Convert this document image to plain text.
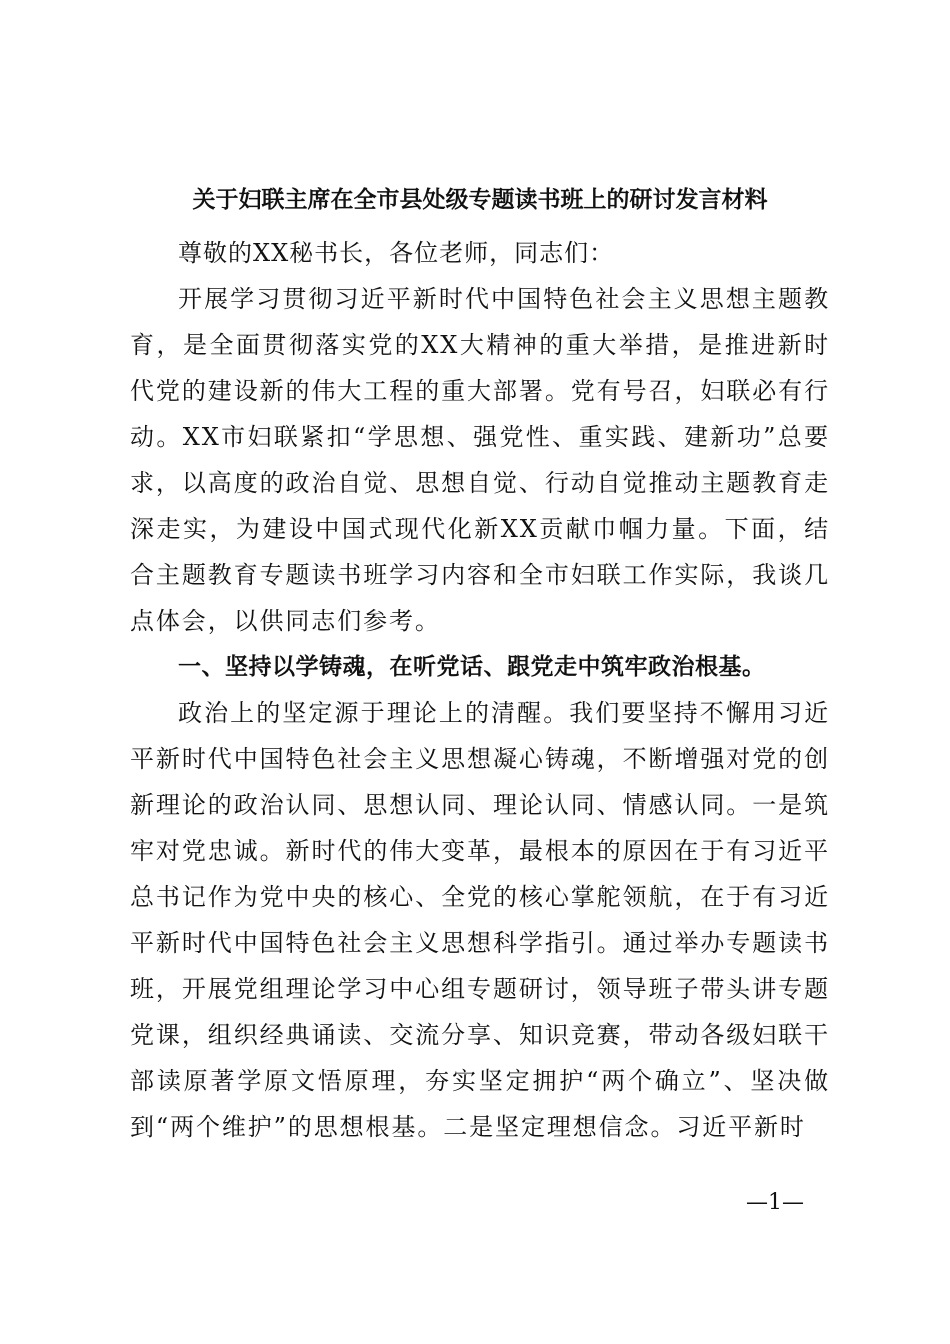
关于妇联主席在全市县处级专题读书班上的研讨发言材料

尊敬的XX秘书长，各位老师，同志们：

开展学习贯彻习近平新时代中国特色社会主义思想主题教育，是全面贯彻落实党的XX大精神的重大举措，是推进新时代党的建设新的伟大工程的重大部署。党有号召，妇联必有行动。XX市妇联紧扣“学思想、强党性、重实践、建新功”总要求，以高度的政治自觉、思想自觉、行动自觉推动主题教育走深走实，为建设中国式现代化新XX贡献巾帼力量。下面，结合主题教育专题读书班学习内容和全市妇联工作实际，我谈几点体会，以供同志们参考。

一、坚持以学铸魂，在听党话、跟党走中筑牢政治根基。

政治上的坚定源于理论上的清醒。我们要坚持不懈用习近平新时代中国特色社会主义思想凝心铸魂，不断增强对党的创新理论的政治认同、思想认同、理论认同、情感认同。一是筑牢对党忠诚。新时代的伟大变革，最根本的原因在于有习近平总书记作为党中央的核心、全党的核心掌舵领航，在于有习近平新时代中国特色社会主义思想科学指引。通过举办专题读书班，开展党组理论学习中心组专题研讨，领导班子带头讲专题党课，组织经典诵读、交流分享、知识竞赛，带动各级妇联干部读原著学原文悟原理，夯实坚定拥护“两个确立”、坚决做到“两个维护”的思想根基。二是坚定理想信念。习近平新时

—1—
